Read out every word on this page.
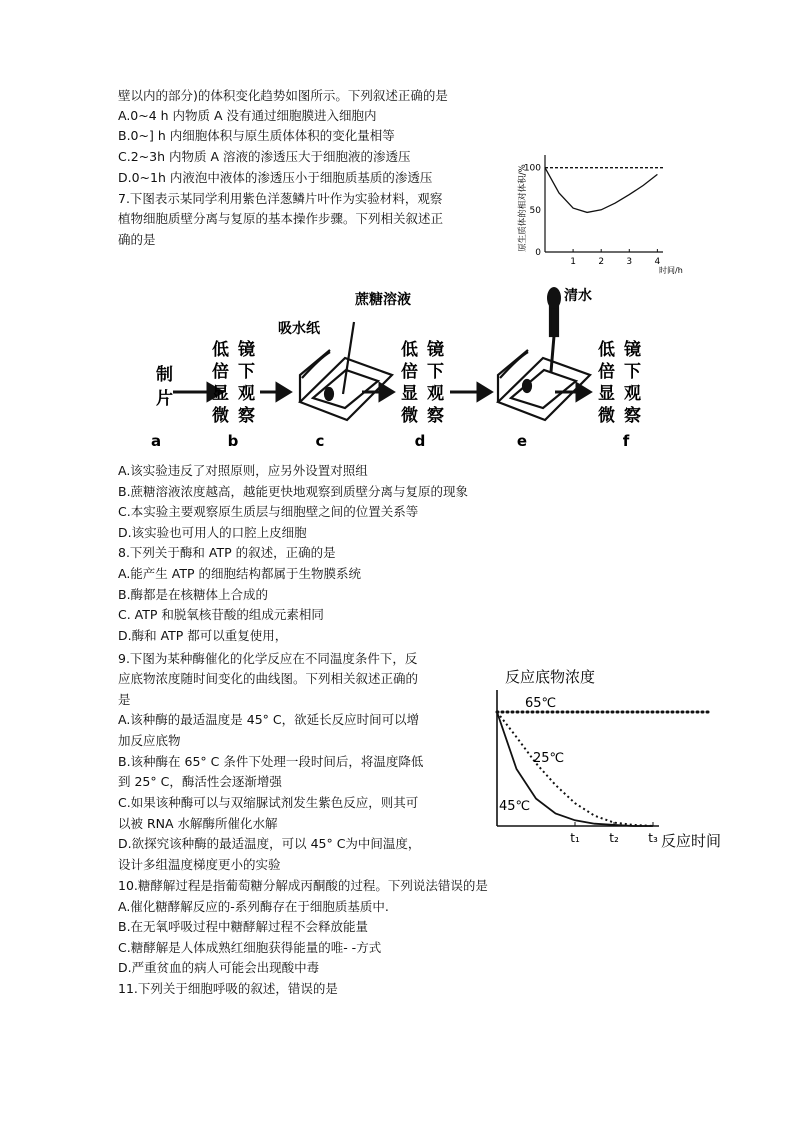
壁以内的部分)的体积变化趋势如图所示。下列叙述正确的是
A.0~4 h 内物质 A 没有通过细胞膜进入细胞内
B.0~] h 内细胞体积与原生质体体积的变化量相等
C.2~3h 内物质 A 溶液的渗透压大于细胞液的渗透压
D.0~1h 内液泡中液体的渗透压小于细胞质基质的渗透压
7.下图表示某同学利用紫色洋葱鳞片叶作为实验材料，观察
植物细胞质壁分离与复原的基本操作步骤。下列相关叙述正
确的是
A.该实验违反了对照原则，应另外设置对照组
B.蔗糖溶液浓度越高，越能更快地观察到质壁分离与复原的现象
C.本实验主要观察原生质层与细胞壁之间的位置关系等
D.该实验也可用人的口腔上皮细胞
8.下列关于酶和 ATP 的叙述，正确的是
A.能产生 ATP 的细胞结构都属于生物膜系统
B.酶都是在核糖体上合成的
C. ATP 和脱氧核苷酸的组成元素相同
D.酶和 ATP 都可以重复使用，
9.下图为某种酶催化的化学反应在不同温度条件下，反
应底物浓度随时间变化的曲线图。下列相关叙述正确的
是
A.该种酶的最适温度是 45° C，欲延长反应时间可以增
加反应底物
B.该种酶在 65° C 条件下处理一段时间后，将温度降低
到 25° C，酶活性会逐渐增强
C.如果该种酶可以与双缩脲试剂发生紫色反应，则其可
以被 RNA 水解酶所催化水解
D.欲探究该种酶的最适温度，可以 45° C为中间温度，
设计多组温度梯度更小的实验
10.糖酵解过程是指葡萄糖分解成丙酮酸的过程。下列说法错误的是
A.催化糖酵解反应的-系列酶存在于细胞质基质中.
B.在无氧呼吸过程中糖酵解过程不会释放能量
C.糖酵解是人体成熟红细胞获得能量的唯- -方式
D.严重贫血的病人可能会出现酸中毒
11.下列关于细胞呼吸的叙述，错误的是
原生质体的相对体积/%
100
50
0
1 2 3 4
时间/h
制片
低
倍
显
微
镜
下
观
察
低
倍
显
微
镜
下
观
察
低
倍
显
微
镜
下
观
察
吸水纸
蔗糖溶液	清水
a	b	c	d	e	f
反应底物浓度
反应时间
t₁ t₂ t₃
65℃
25℃
45℃
